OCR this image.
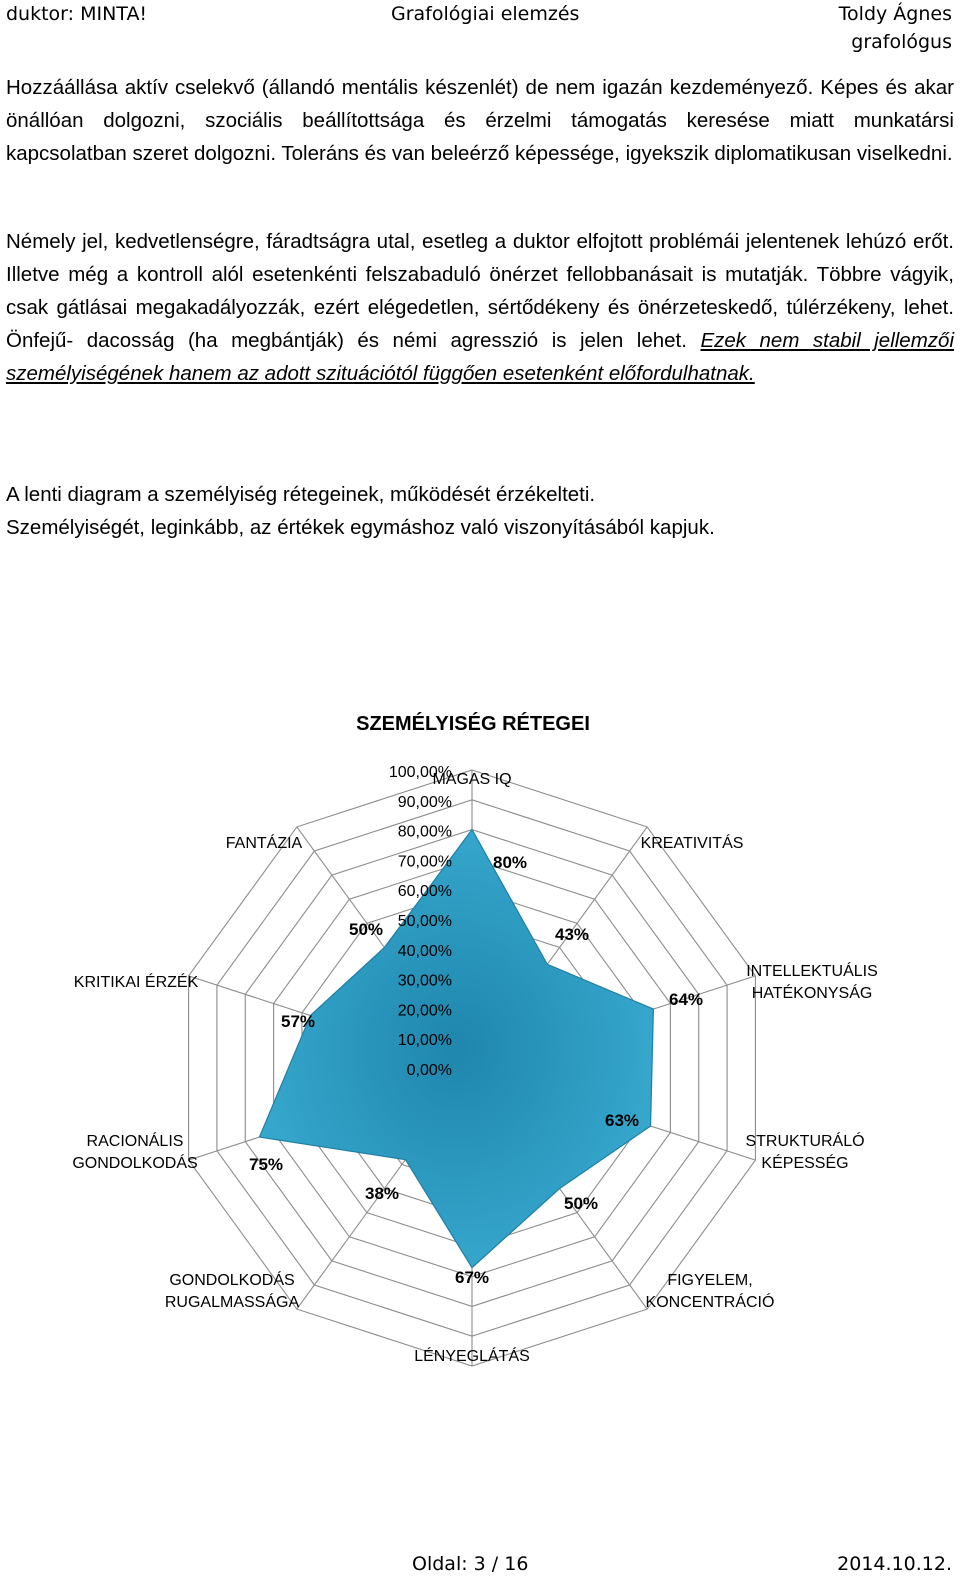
duktor: MINTA!	Grafológiai elemzés	Toldy Ágnes
grafológus
Hozzáállása aktív cselekvő (állandó mentális készenlét) de nem igazán kezdeményező. Képes és akar önállóan dolgozni, szociális beállítottsága és érzelmi támogatás keresése miatt munkatársi kapcsolatban szeret dolgozni. Toleráns és van beleérző képessége, igyekszik diplomatikusan viselkedni.
Némely jel, kedvetlenségre, fáradtságra utal, esetleg a duktor elfojtott problémái jelentenek lehúzó erőt. Illetve még a kontroll alól esetenkénti felszabaduló önérzet fellobbanásait is mutatják. Többre vágyik, csak gátlásai megakadályozzák, ezért elégedetlen, sértődékeny és önérzeteskedő, túlérzékeny, lehet. Önfejű- dacosság (ha megbántják) és némi agresszió is jelen lehet. Ezek nem stabil jellemzői személyiségének hanem az adott szituációtól függően esetenként előfordulhatnak.
A lenti diagram a személyiség rétegeinek, működését érzékelteti.
Személyiségét, leginkább, az értékek egymáshoz való viszonyításából kapjuk.
SZEMÉLYISÉG RÉTEGEI
0,00%
10,00%
20,00%
30,00%
40,00%
50,00%
60,00%
70,00%
80,00%
90,00%
100,00%
MAGAS IQ
KREATIVITÁS
INTELLEKTUÁLIS HATÉKONYSÁG
STRUKTURÁLÓ KÉPESSÉG
FIGYELEM, KONCENTRÁCIÓ
LÉNYEGLÁTÁS
GONDOLKODÁS RUGALMASSÁGA
RACIONÁLIS GONDOLKODÁS
KRITIKAI ÉRZÉK
FANTÁZIA
80%
43%
64%
63%
50%
67%
38%
75%
57%
50%
Oldal: 3 / 16	2014.10.12.
